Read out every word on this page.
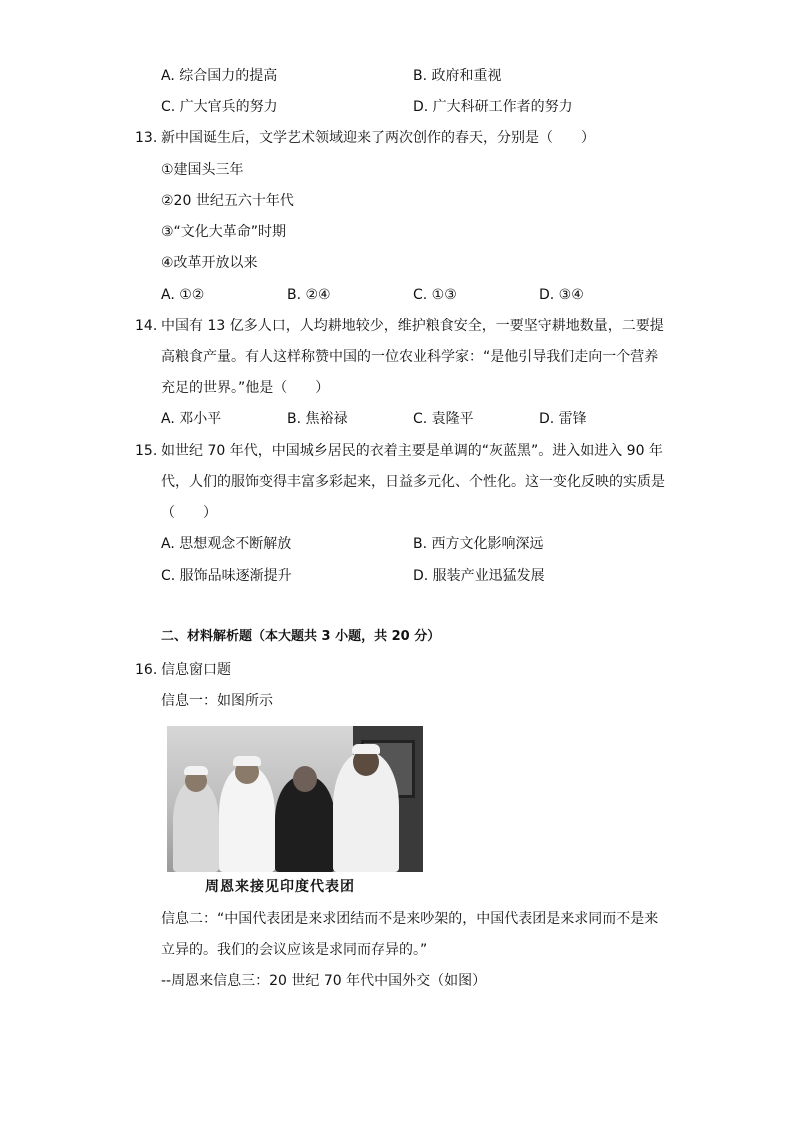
A. 综合国力的提高	B. 政府和重视
C. 广大官兵的努力	D. 广大科研工作者的努力
13. 新中国诞生后，文学艺术领域迎来了两次创作的春天，分别是（　　）
①建国头三年
②20 世纪五六十年代
③“文化大革命”时期
④改革开放以来
A. ①②	B. ②④	C. ①③	D. ③④
14. 中国有 13 亿多人口，人均耕地较少，维护粮食安全，一要坚守耕地数量，二要提
高粮食产量。有人这样称赞中国的一位农业科学家：“是他引导我们走向一个营养
充足的世界。”他是（　　）
A. 邓小平	B. 焦裕禄	C. 袁隆平	D. 雷锋
15. 如世纪 70 年代，中国城乡居民的衣着主要是单调的“灰蓝黑”。进入如进入 90 年
代，人们的服饰变得丰富多彩起来，日益多元化、个性化。这一变化反映的实质是
（　　）
A. 思想观念不断解放	B. 西方文化影响深远
C. 服饰品味逐渐提升	D. 服装产业迅猛发展
二、材料解析题（本大题共 3 小题，共 20 分）
16. 信息窗口题
信息一：如图所示
周恩来接见印度代表团
信息二：“中国代表团是来求团结而不是来吵架的，中国代表团是来求同而不是来
立异的。我们的会议应该是求同而存异的。”
--周恩来信息三：20 世纪 70 年代中国外交（如图）
